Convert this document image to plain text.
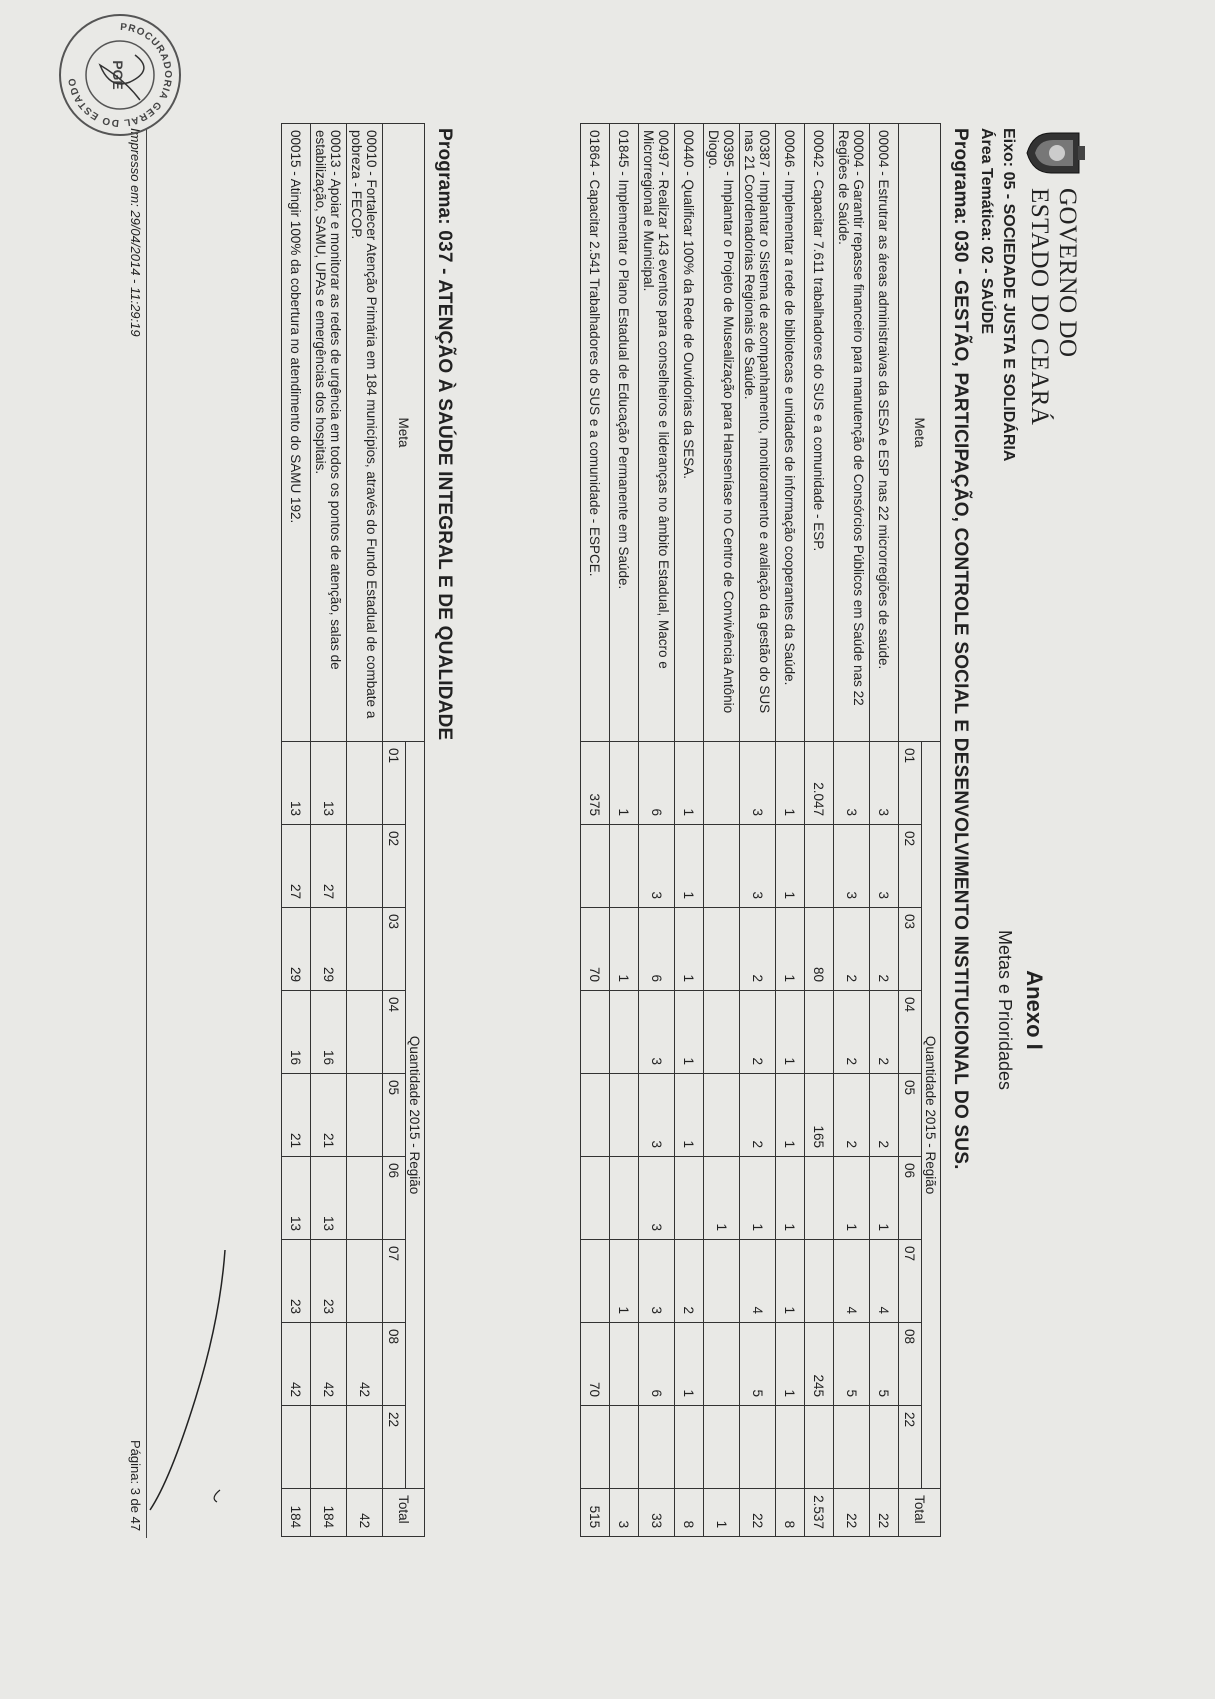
GOVERNO DO
ESTADO DO CEARÁ
Eixo: 05 - SOCIEDADE JUSTA E SOLIDÁRIA
Área Temática: 02 - SAÚDE
Anexo I
Metas e Prioridades
Programa: 030 - GESTÃO, PARTICIPAÇÃO, CONTROLE SOCIAL E DESENVOLVIMENTO INSTITUCIONAL DO SUS.
Meta	Quantidade 2015 - Região									Total
	01	02	03	04	05	06	07	08	22	
00004 - Estrutrar as áreas administraivas da SESA e ESP nas 22 microrregiões de saúde.	3	3	2	2	2	1	4	5		22
00004 - Garantir repasse financeiro para manutenção de Consórcios Públicos em Saúde nas 22 Regiões de Saúde.	3	3	2	2	2	1	4	5		22
00042 - Capacitar 7.611 trabalhadores do SUS e a comunidade - ESP.	2.047		80		165			245		2.537
00046 - Implementar a rede de bibliotecas e unidades de informação cooperantes da Saúde.	1	1	1	1	1	1	1	1		8
00387 - Implantar o Sistema de acompanhamento, monitoramento e avaliação da gestão do SUS nas 21 Coordenadorias Regionais de Saúde.	3	3	2	2	2	1	4	5		22
00395 - Implantar o Projeto de Musealização para Hanseníase no Centro de Convivência Antônio Diogo.						1				1
00440 - Qualificar 100% da Rede de Ouvidorias da SESA.	1	1	1	1	1		2	1		8
00497 - Realizar 143 eventos para conselheiros e lideranças no âmbito Estadual, Macro e Microrregional e Municipal.	6	3	6	3	3	3	3	6		33
01845 - Implementar o Plano Estadual de Educação Permanente em Saúde.	1		1				1			3
01864 - Capacitar 2.541 Trabalhadores do SUS e a comunidade - ESPCE.	375		70					70		515
Programa: 037 - ATENÇÃO À SAÚDE INTEGRAL E DE QUALIDADE
Meta	Quantidade 2015 - Região									Total
	01	02	03	04	05	06	07	08	22	
00010 - Fortalecer Atenção Primária em 184 municípios, através do Fundo Estadual de combate a pobreza - FECOP.								42		42
00013 - Apoiar e monitorar as redes de urgência em todos os pontos de atenção, salas de estabilização, SAMU, UPAs e emergências dos hospitais.	13	27	29	16	21	13	23	42		184
00015 - Atingir 100% da cobertura no atendimento do SAMU 192.	13	27	29	16	21	13	23	42		184
Impresso em: 29/04/2014 - 11:29:19
Página: 3 de 47
PROCURADORIA GERAL DO ESTADO	PGE
